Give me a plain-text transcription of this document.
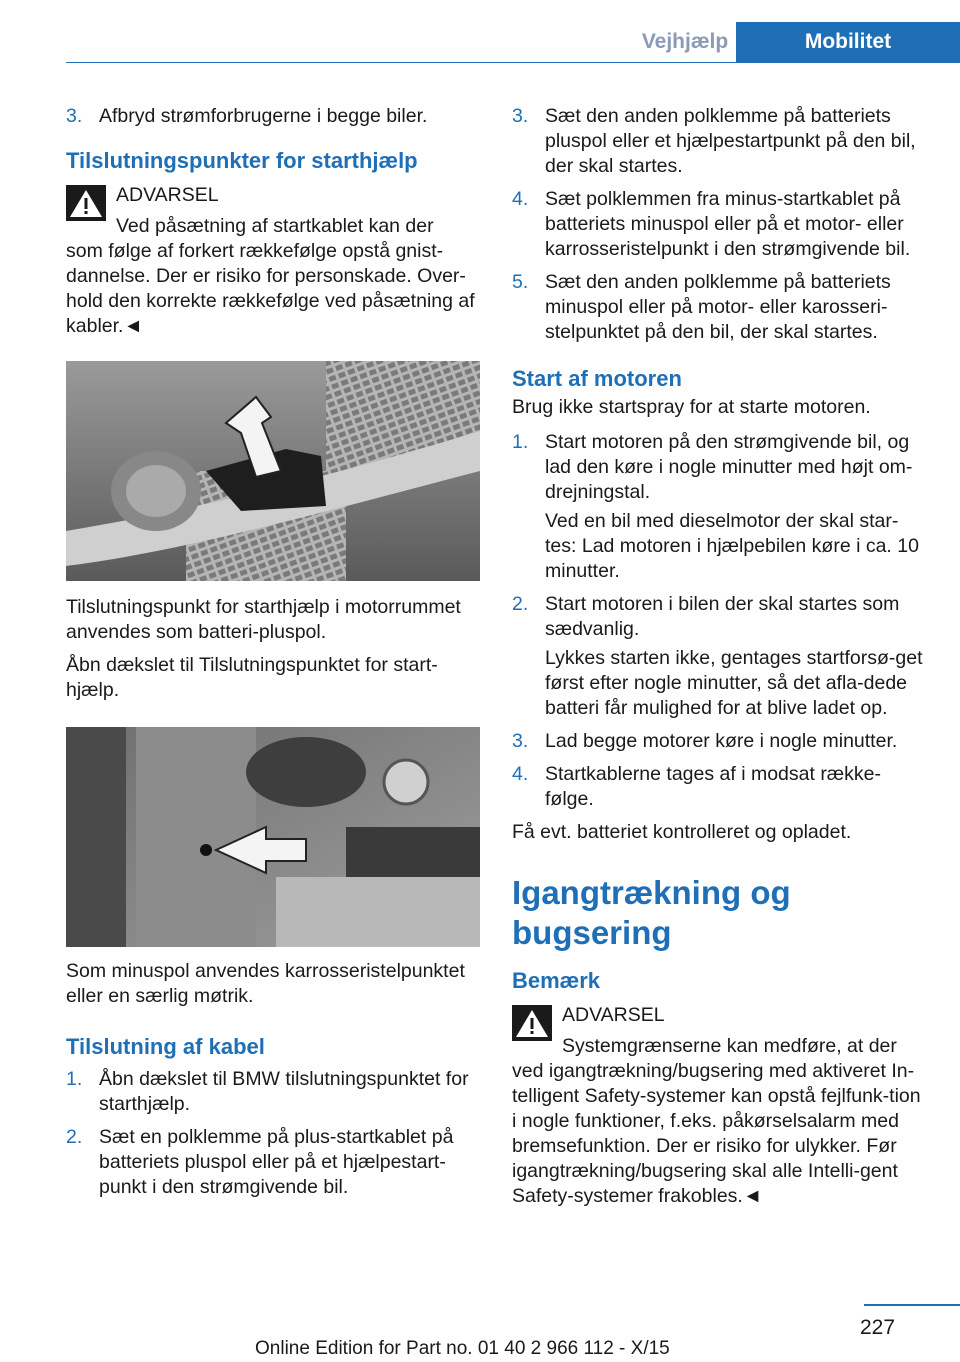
Vejhjælp	Mobilitet
3. Afbryd strømforbrugerne i begge biler.
Tilslutningspunkter for starthjælp
ADVARSEL
Ved påsætning af startkablet kan der
som følge af forkert rækkefølge opstå gnist-dannelse. Der er risiko for personskade. Over-hold den korrekte rækkefølge ved påsætning af kabler.◄

Tilslutningspunkt for starthjælp i motorrummet anvendes som batteri-pluspol.

Åbn dækslet til Tilslutningspunktet for start-hjælp.

Som minuspol anvendes karrosseristelpunktet eller en særlig møtrik.

Tilslutning af kabel
1. Åbn dækslet til BMW tilslutningspunktet for starthjælp.
2. Sæt en polklemme på plus-startkablet på batteriets pluspol eller på et hjælpestart-punkt i den strømgivende bil.
3. Sæt den anden polklemme på batteriets pluspol eller et hjælpestartpunkt på den bil, der skal startes.
4. Sæt polklemmen fra minus-startkablet på batteriets minuspol eller på et motor- eller karrosseristelpunkt i den strømgivende bil.
5. Sæt den anden polklemme på batteriets minuspol eller på motor- eller karosseri-stelpunktet på den bil, der skal startes.
Start af motoren

Brug ikke startspray for at starte motoren.

1. Start motoren på den strømgivende bil, og lad den køre i nogle minutter med højt om-drejningstal.

Ved en bil med dieselmotor der skal star-tes: Lad motoren i hjælpebilen køre i ca. 10 minutter.

2. Start motoren i bilen der skal startes som sædvanlig.

Lykkes starten ikke, gentages startforsø-get først efter nogle minutter, så det afla-dede batteri får mulighed for at blive ladet op.

3. Lad begge motorer køre i nogle minutter.
4. Startkablerne tages af i modsat række-følge.

Få evt. batteriet kontrolleret og opladet.

Igangtrækning og bugsering
Bemærk
ADVARSEL
Systemgrænserne kan medføre, at der
ved igangtrækning/bugsering med aktiveret In-telligent Safety-systemer kan opstå fejlfunk-tion i nogle funktioner, f.eks. påkørselsalarm med bremsefunktion. Der er risiko for ulykker. Før igangtrækning/bugsering skal alle Intelli-gent Safety-systemer frakobles.◄
227
Online Edition for Part no. 01 40 2 966 112 - X/15
